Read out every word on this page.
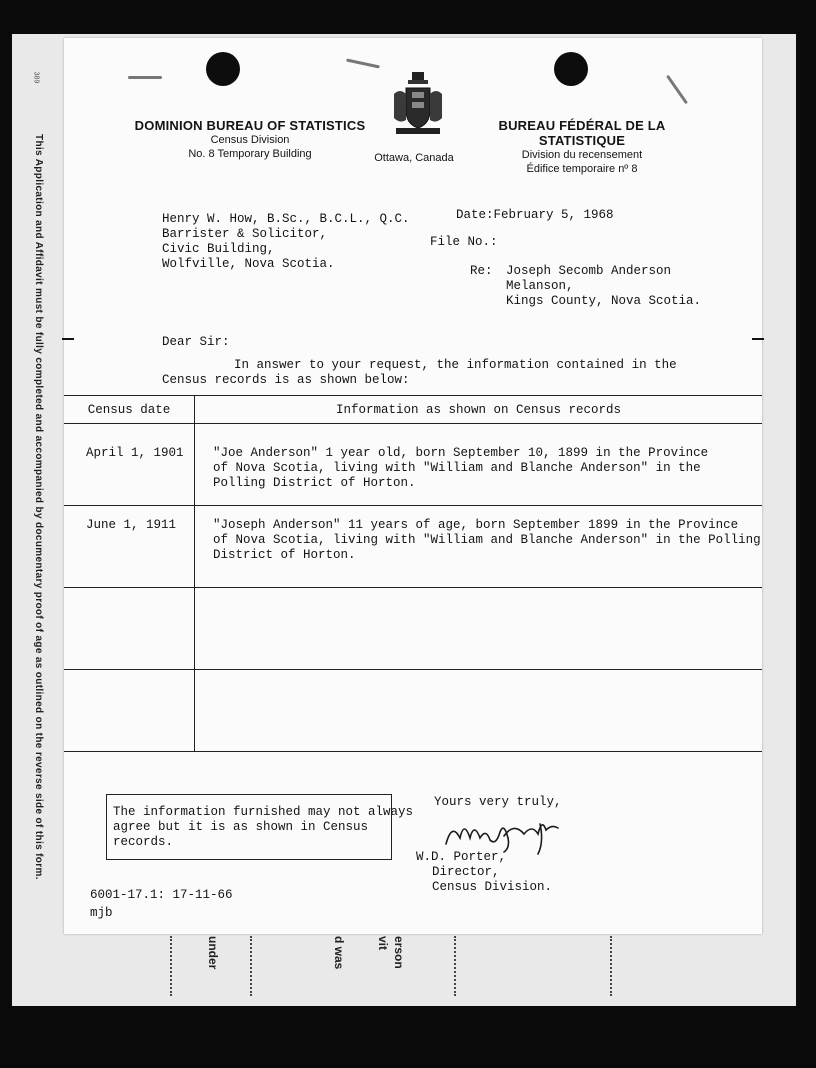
389
This Application and Affidavit must be fully completed and accompanied by documentary proof of age as outlined on the reverse side of this form.
under	d was	erson
vit
DOMINION BUREAU OF STATISTICS
Census Division
No. 8 Temporary Building	Ottawa, Canada
BUREAU FÉDÉRAL DE LA STATISTIQUE
Division du recensement
Édifice temporaire nº 8
Henry W. How, B.Sc., B.C.L., Q.C.
Barrister & Solicitor,
Civic Building,
Wolfville, Nova Scotia.
Date:February 5, 1968
File No.:
Re: Joseph Secomb Anderson
Melanson,
Kings County, Nova Scotia.
Dear Sir:
In answer to your request, the information contained in the
Census records is as shown below:
Census date	Information as shown on Census records
April 1, 1901	"Joe Anderson" 1 year old, born September 10, 1899 in the Province
of Nova Scotia, living with "William and Blanche Anderson" in the
Polling District of Horton.

June 1, 1911	"Joseph Anderson" 11 years of age, born September 1899 in the Province
of Nova Scotia, living with "William and Blanche Anderson" in the Polling
District of Horton.

The information furnished may not always
agree but it is as shown in Census
records.
Yours very truly,
W.D. Porter,
Director,
Census Division.
6001-17.1: 17-11-66
mjb
